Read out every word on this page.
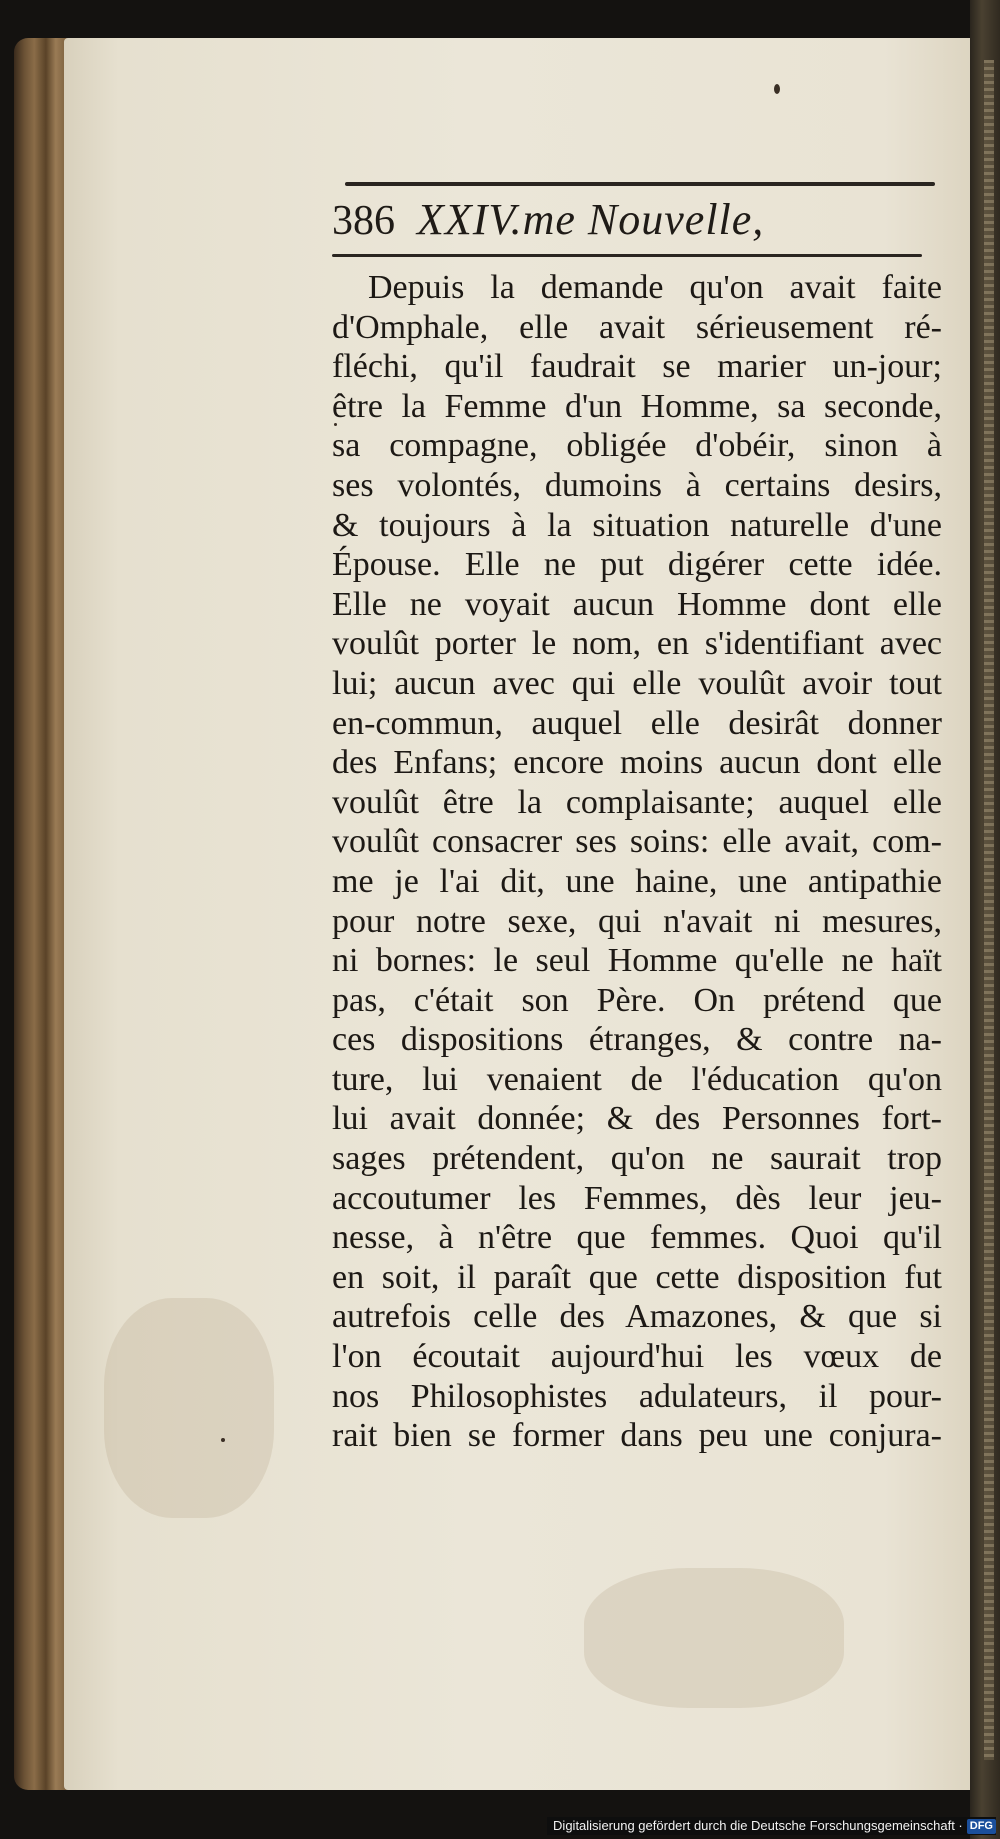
386 XXIV.me Nouvelle,
Depuis la demande qu'on avait faite
d'Omphale, elle avait sérieusement ré-
fléchi, qu'il faudrait se marier un-jour;
être la Femme d'un Homme, sa seconde,
sa compagne, obligée d'obéir, sinon à
ses volontés, dumoins à certains desirs,
& toujours à la situation naturelle d'une
Épouse. Elle ne put digérer cette idée.
Elle ne voyait aucun Homme dont elle
voulût porter le nom, en s'identifiant avec
lui; aucun avec qui elle voulût avoir tout
en-commun, auquel elle desirât donner
des Enfans; encore moins aucun dont elle
voulût être la complaisante; auquel elle
voulût consacrer ses soins: elle avait, com-
me je l'ai dit, une haine, une antipathie
pour notre sexe, qui n'avait ni mesures,
ni bornes: le seul Homme qu'elle ne haït
pas, c'était son Père. On prétend que
ces dispositions étranges, & contre na-
ture, lui venaient de l'éducation qu'on
lui avait donnée; & des Personnes fort-
sages prétendent, qu'on ne saurait trop
accoutumer les Femmes, dès leur jeu-
nesse, à n'être que femmes. Quoi qu'il
en soit, il paraît que cette disposition fut
autrefois celle des Amazones, & que si
l'on écoutait aujourd'hui les vœux de
nos Philosophistes adulateurs, il pour-
rait bien se former dans peu une conjura-
Digitalisierung gefördert durch die Deutsche Forschungsgemeinschaft · DFG
